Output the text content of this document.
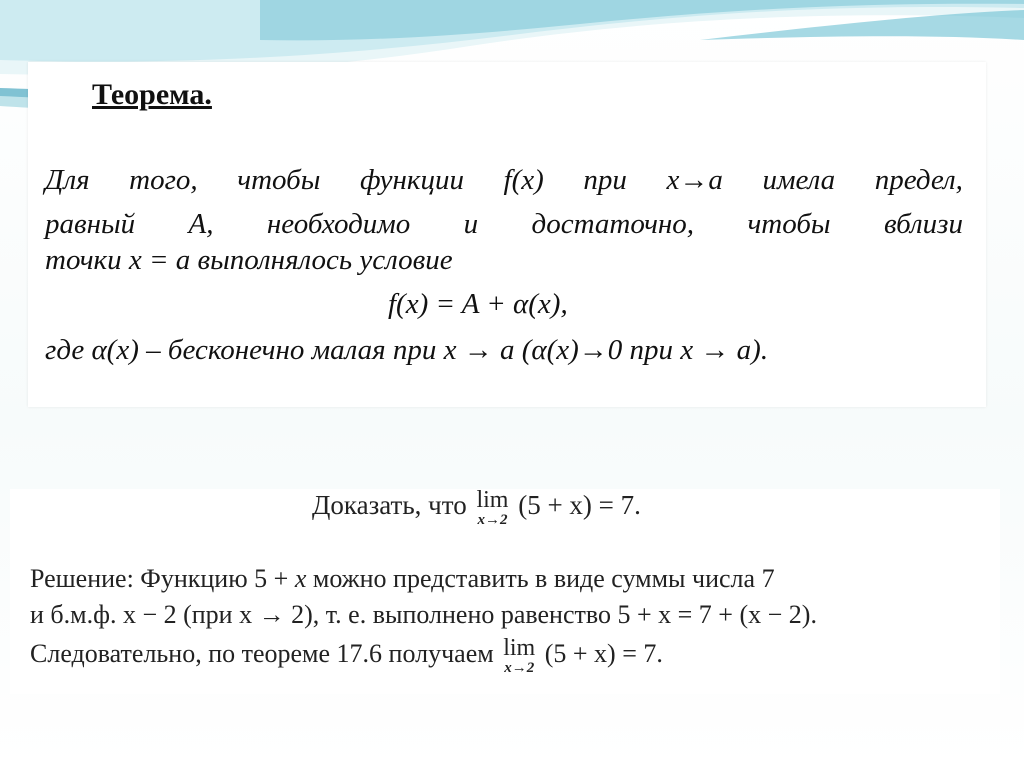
Теорема.
Для того, чтобы функции f(x) при x→a имела предел,
равный A, необходимо и достаточно, чтобы вблизи
точки x = a выполнялось условие
f(x) = A + α(x),
где α(x) – бесконечно малая при x → a (α(x)→0 при x → a).
Доказать, что lim
x→2 (5 + x) = 7.
Решение: Функцию 5 + x можно представить в виде суммы числа 7
и б.м.ф. x − 2 (при x → 2), т. е. выполнено равенство 5 + x = 7 + (x − 2).
Следовательно, по теореме 17.6 получаем lim
x→2
(5 + x) = 7.
